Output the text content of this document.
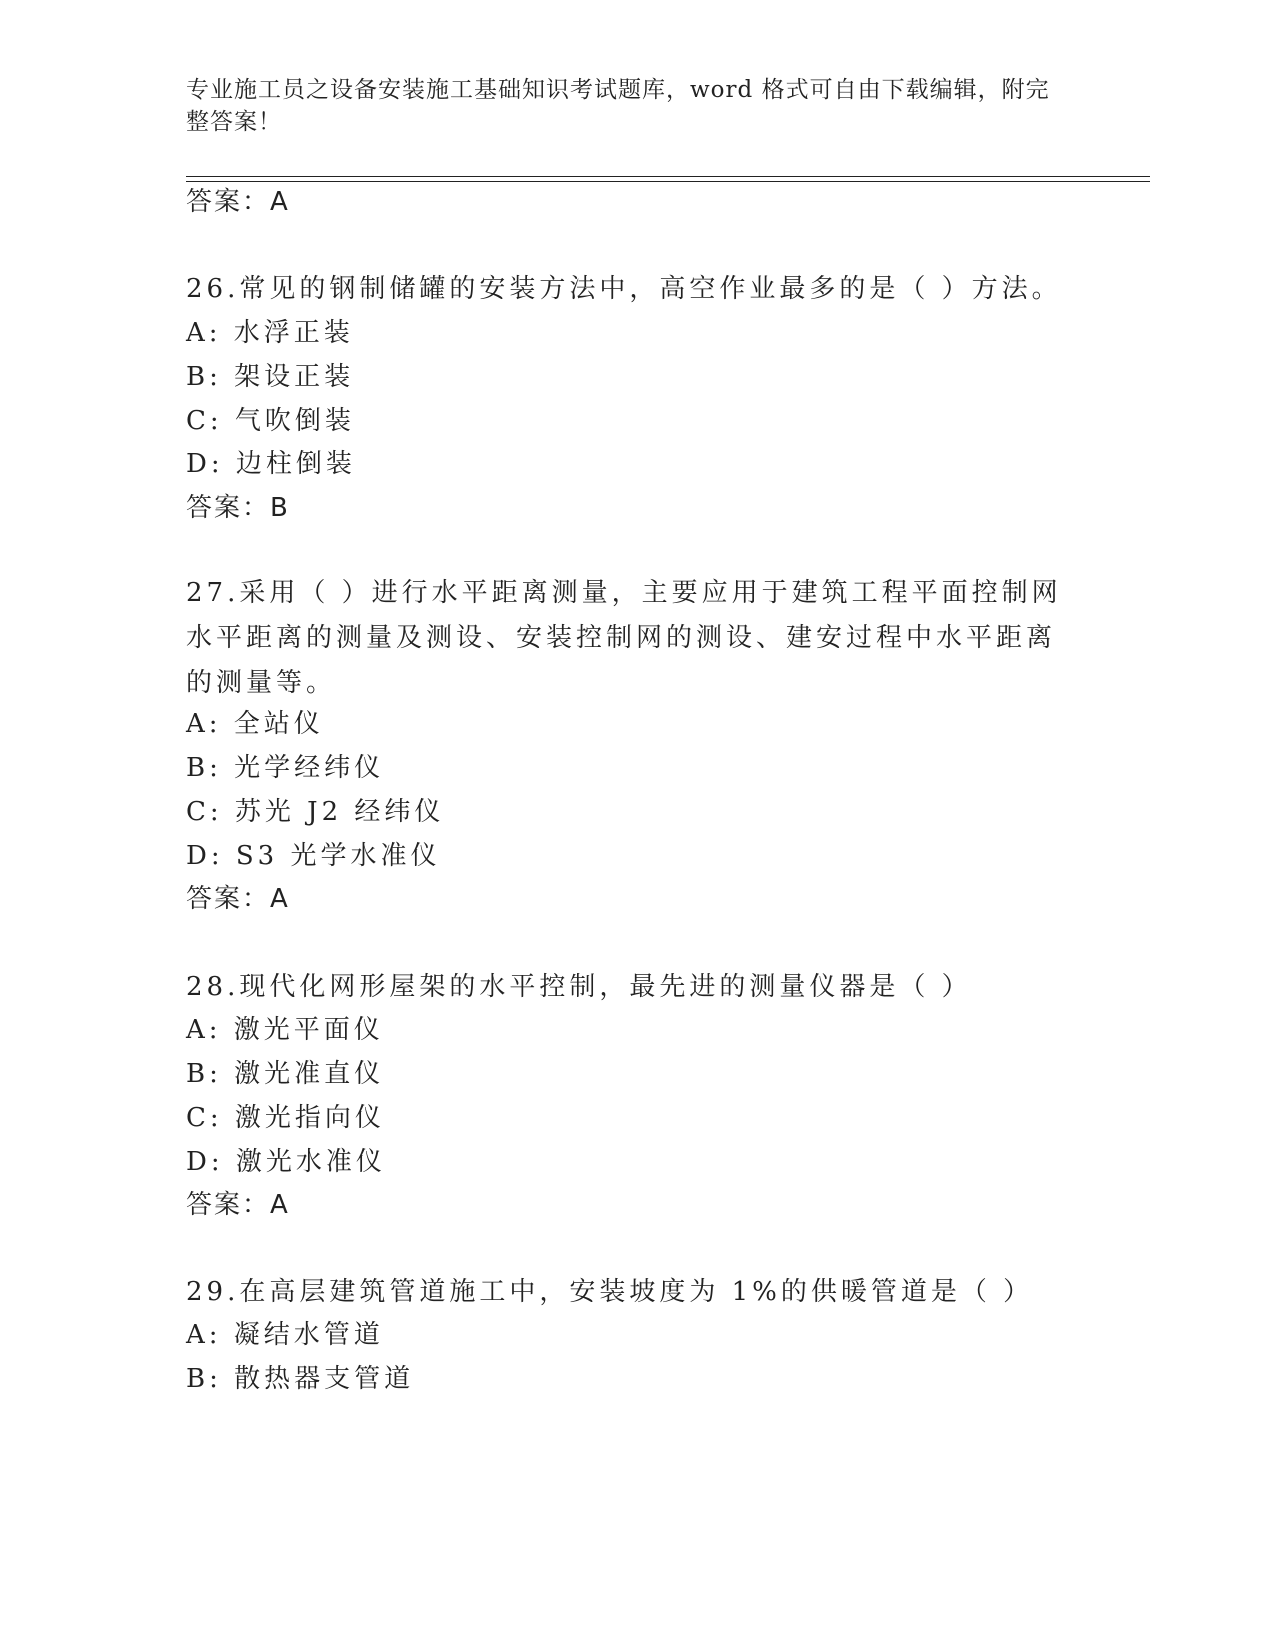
专业施工员之设备安装施工基础知识考试题库，word 格式可自由下载编辑，附完整答案！
答案：A
26.常见的钢制储罐的安装方法中，高空作业最多的是（ ）方法。
A: 水浮正装
B: 架设正装
C: 气吹倒装
D: 边柱倒装
答案：B
27.采用（ ）进行水平距离测量，主要应用于建筑工程平面控制网水平距离的测量及测设、安装控制网的测设、建安过程中水平距离的测量等。
A: 全站仪
B: 光学经纬仪
C: 苏光 J2 经纬仪
D: S3 光学水准仪
答案：A
28.现代化网形屋架的水平控制，最先进的测量仪器是（ ）
A: 激光平面仪
B: 激光准直仪
C: 激光指向仪
D: 激光水准仪
答案：A
29.在高层建筑管道施工中，安装坡度为 1%的供暖管道是（ ）
A: 凝结水管道
B: 散热器支管道
